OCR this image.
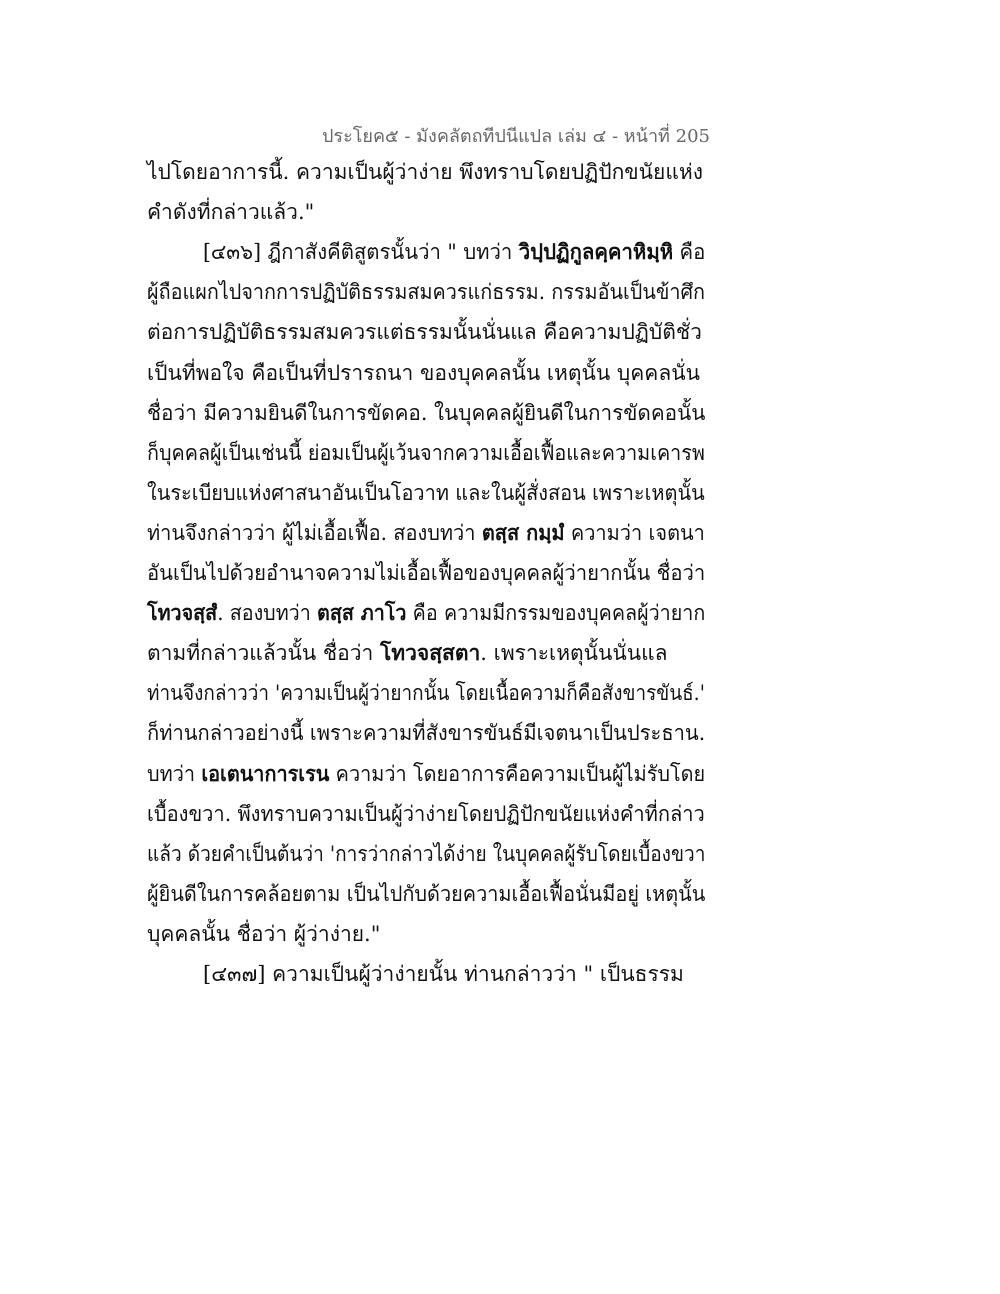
ประโยค๕ - มังคลัตถทีปนีแปล เล่ม ๔ - หน้าที่ 205
ไปโดยอาการนี้. ความเป็นผู้ว่าง่าย พึงทราบโดยปฏิปักขนัยแห่ง
คำดังที่กล่าวแล้ว."
[๔๓๖] ฎีกาสังคีติสูตรนั้นว่า " บทว่า วิปฺปฏิกูลคฺคาหิมฺหิ คือ
ผู้ถือแผกไปจากการปฏิบัติธรรมสมควรแก่ธรรม. กรรมอันเป็นข้าศึก
ต่อการปฏิบัติธรรมสมควรแต่ธรรมนั้นนั่นแล คือความปฏิบัติชั่ว
เป็นที่พอใจ คือเป็นที่ปรารถนา ของบุคคลนั้น เหตุนั้น บุคคลนั่น
ชื่อว่า มีความยินดีในการขัดคอ. ในบุคคลผู้ยินดีในการขัดคอนั้น
ก็บุคคลผู้เป็นเช่นนี้ ย่อมเป็นผู้เว้นจากความเอื้อเฟื้อและความเคารพ
ในระเบียบแห่งศาสนาอันเป็นโอวาท และในผู้สั่งสอน เพราะเหตุนั้น
ท่านจึงกล่าวว่า ผู้ไม่เอื้อเฟื้อ. สองบทว่า ตสฺส กมฺมํ ความว่า เจตนา
อันเป็นไปด้วยอำนาจความไม่เอื้อเฟื้อของบุคคลผู้ว่ายากนั้น ชื่อว่า
โทวจสฺสํ. สองบทว่า ตสฺส ภาโว คือ ความมีกรรมของบุคคลผู้ว่ายาก
ตามที่กล่าวแล้วนั้น ชื่อว่า โทวจสฺสตา. เพราะเหตุนั้นนั่นแล
ท่านจึงกล่าวว่า 'ความเป็นผู้ว่ายากนั้น โดยเนื้อความก็คือสังขารขันธ์.'
ก็ท่านกล่าวอย่างนี้ เพราะความที่สังขารขันธ์มีเจตนาเป็นประธาน.
บทว่า เอเตนาการเรน ความว่า โดยอาการคือความเป็นผู้ไม่รับโดย
เบื้องขวา. พึงทราบความเป็นผู้ว่าง่ายโดยปฏิปักขนัยแห่งคำที่กล่าว
แล้ว ด้วยคำเป็นต้นว่า 'การว่ากล่าวได้ง่าย ในบุคคลผู้รับโดยเบื้องขวา
ผู้ยินดีในการคล้อยตาม เป็นไปกับด้วยความเอื้อเฟื้อนั่นมีอยู่ เหตุนั้น
บุคคลนั้น ชื่อว่า ผู้ว่าง่าย."
[๔๓๗] ความเป็นผู้ว่าง่ายนั้น ท่านกล่าวว่า " เป็นธรรม
